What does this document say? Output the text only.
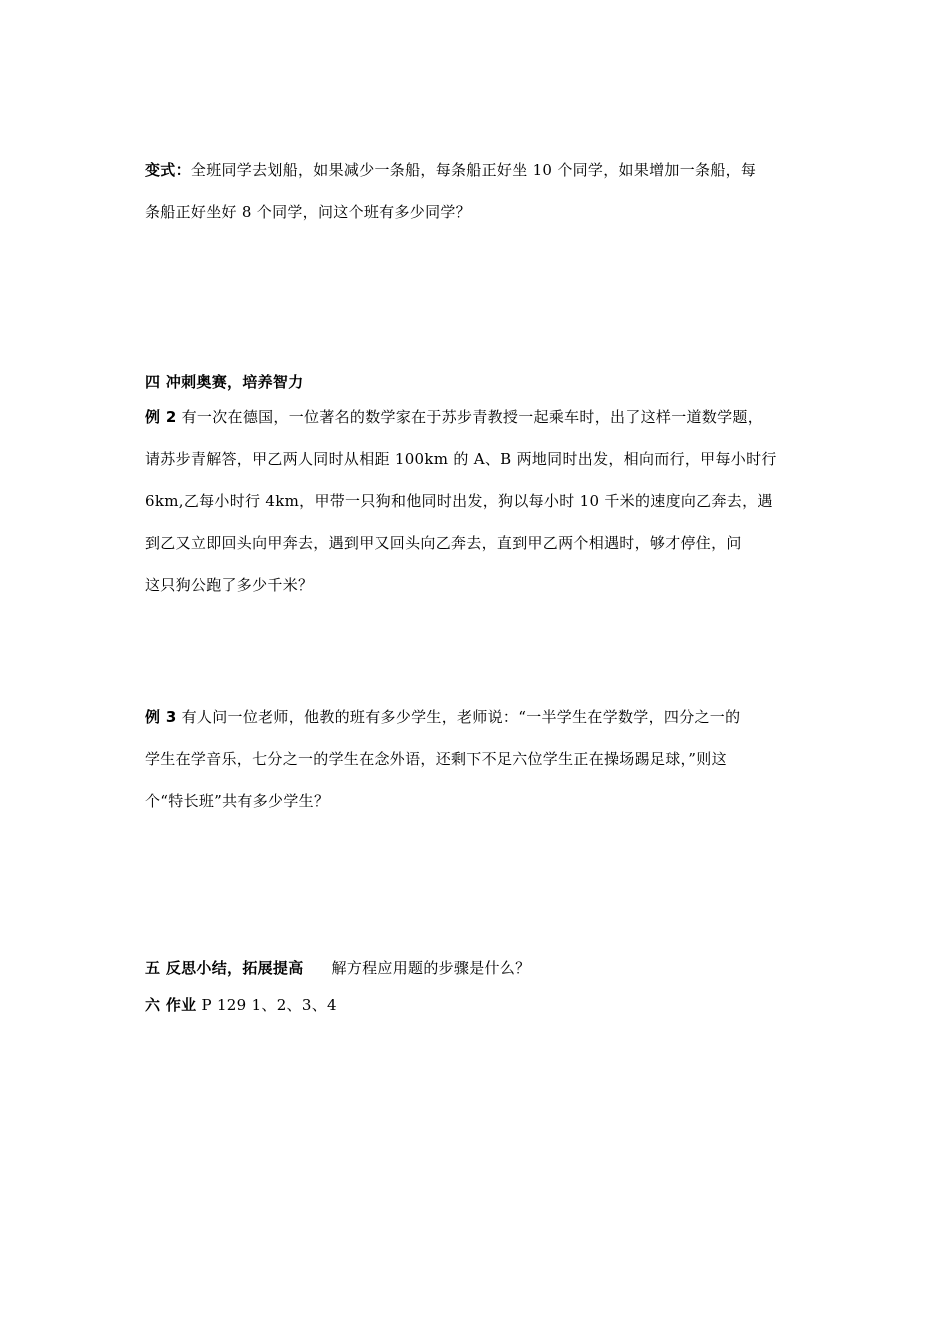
变式：全班同学去划船，如果减少一条船，每条船正好坐 10 个同学，如果增加一条船，每
条船正好坐好 8 个同学，问这个班有多少同学？
四 冲刺奥赛，培养智力
例 2 有一次在德国，一位著名的数学家在于苏步青教授一起乘车时，出了这样一道数学题，
请苏步青解答，甲乙两人同时从相距 100km 的 A、B 两地同时出发，相向而行，甲每小时行
6km,乙每小时行 4km，甲带一只狗和他同时出发，狗以每小时 10 千米的速度向乙奔去，遇
到乙又立即回头向甲奔去，遇到甲又回头向乙奔去，直到甲乙两个相遇时，够才停住，问
这只狗公跑了多少千米？
例 3 有人问一位老师，他教的班有多少学生，老师说：“一半学生在学数学，四分之一的
学生在学音乐，七分之一的学生在念外语，还剩下不足六位学生正在操场踢足球，”则这
个“特长班”共有多少学生？
五 反思小结，拓展提高 解方程应用题的步骤是什么？
六 作业 P 129 1、2、3、4
